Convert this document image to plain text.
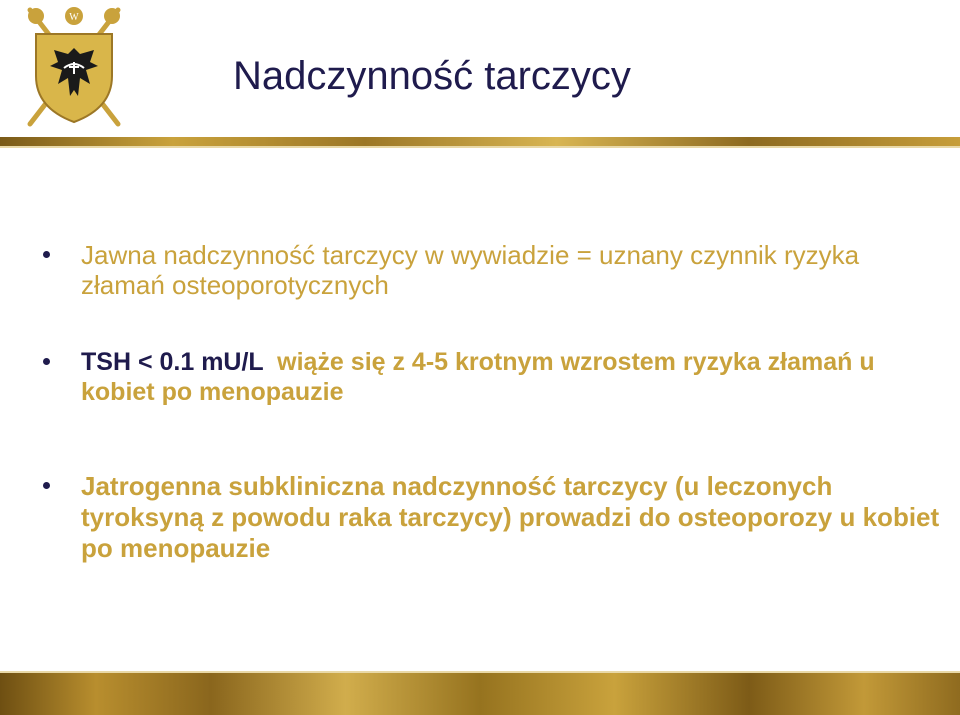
W
Nadczynność tarczycy
Jawna nadczynność tarczycy w wywiadzie = uznany czynnik ryzyka złamań osteoporotycznych
TSH < 0.1 mU/L  wiąże się z 4-5 krotnym wzrostem ryzyka złamań u kobiet po menopauzie
Jatrogenna subkliniczna nadczynność tarczycy (u leczonych tyroksyną z powodu raka tarczycy) prowadzi do osteoporozy u kobiet po menopauzie
